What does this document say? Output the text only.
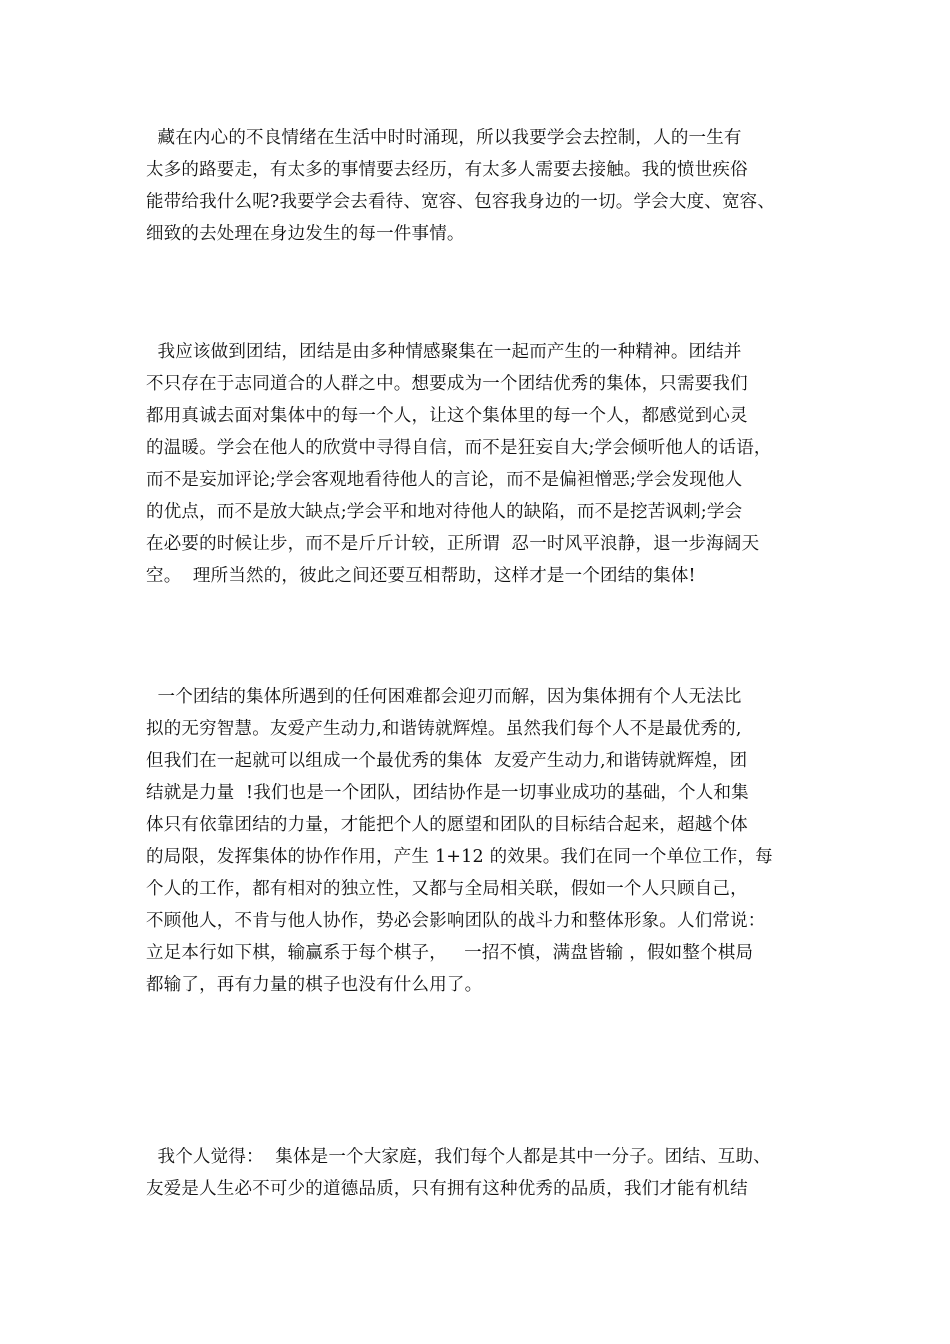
藏在内心的不良情绪在生活中时时涌现，所以我要学会去控制，人的一生有
太多的路要走，有太多的事情要去经历，有太多人需要去接触。我的愤世疾俗
能带给我什么呢?我要学会去看待、宽容、包容我身边的一切。学会大度、宽容、
细致的去处理在身边发生的每一件事情。
我应该做到团结，团结是由多种情感聚集在一起而产生的一种精神。团结并
不只存在于志同道合的人群之中。想要成为一个团结优秀的集体，只需要我们
都用真诚去面对集体中的每一个人，让这个集体里的每一个人，都感觉到心灵
的温暖。学会在他人的欣赏中寻得自信，而不是狂妄自大;学会倾听他人的话语，
而不是妄加评论;学会客观地看待他人的言论，而不是偏袒憎恶;学会发现他人
的优点，而不是放大缺点;学会平和地对待他人的缺陷，而不是挖苦讽刺;学会
在必要的时候让步，而不是斤斤计较，正所谓  忍一时风平浪静，退一步海阔天
空。  理所当然的，彼此之间还要互相帮助，这样才是一个团结的集体!
一个团结的集体所遇到的任何困难都会迎刃而解，因为集体拥有个人无法比
拟的无穷智慧。友爱产生动力,和谐铸就辉煌。虽然我们每个人不是最优秀的,
但我们在一起就可以组成一个最优秀的集体  友爱产生动力,和谐铸就辉煌，团
结就是力量  !我们也是一个团队，团结协作是一切事业成功的基础，个人和集
体只有依靠团结的力量，才能把个人的愿望和团队的目标结合起来，超越个体
的局限，发挥集体的协作作用，产生 1+12 的效果。我们在同一个单位工作，每
个人的工作，都有相对的独立性，又都与全局相关联，假如一个人只顾自己，
不顾他人，不肯与他人协作，势必会影响团队的战斗力和整体形象。人们常说：
立足本行如下棋，输赢系于每个棋子，   一招不慎，满盘皆输 ，假如整个棋局
都输了，再有力量的棋子也没有什么用了。
我个人觉得：  集体是一个大家庭，我们每个人都是其中一分子。团结、互助、
友爱是人生必不可少的道德品质，只有拥有这种优秀的品质，我们才能有机结
